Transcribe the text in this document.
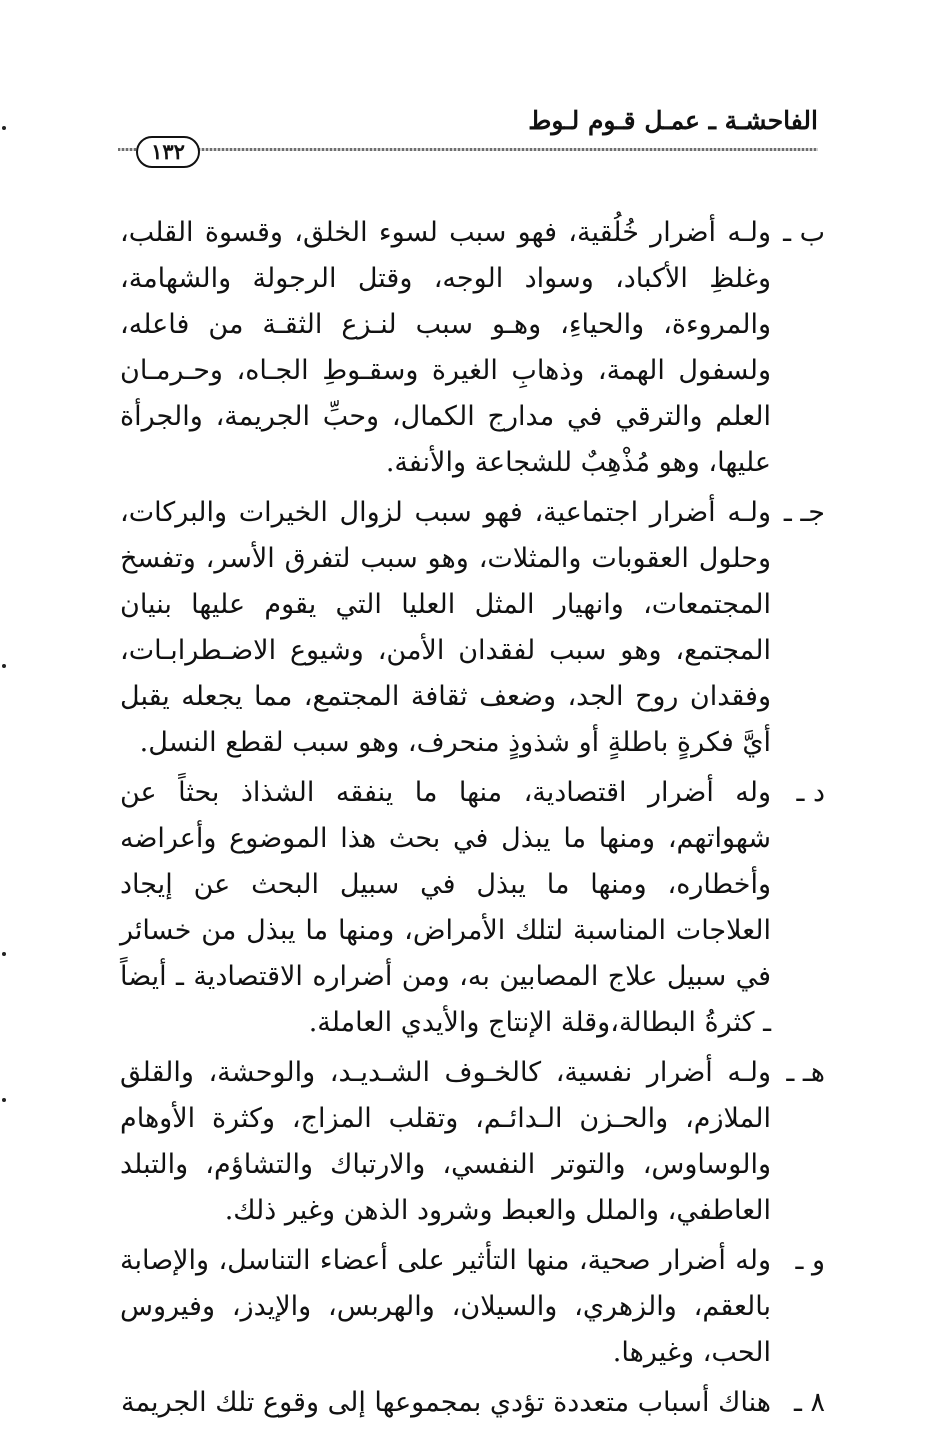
الفاحشـة ـ عمـل قـوم لـوط
١٣٢
ب ـ
ولـه أضرار خُلُقية، فهو سبب لسوء الخلق، وقسوة القلب، وغلظِ الأكباد، وسواد الوجه، وقتل الرجولة والشهامة، والمروءة، والحياءِ، وهـو سبب لنـزع الثقـة من فاعله، ولسفول الهمة، وذهابِ الغيرة وسقـوطِ الجـاه، وحـرمـان العلم والترقي في مدارج الكمال، وحبِّ الجريمة، والجرأة عليها، وهو مُذْهِبٌ للشجاعة والأنفة.
جـ ـ
ولـه أضرار اجتماعية، فهو سبب لزوال الخيرات والبركات، وحلول العقوبات والمثلات، وهو سبب لتفرق الأسر، وتفسخ المجتمعات، وانهيار المثل العليا التي يقوم عليها بنيان المجتمع، وهو سبب لفقدان الأمن، وشيوع الاضـطرابـات، وفقدان روح الجد، وضعف ثقافة المجتمع، مما يجعله يقبل أيَّ فكرةٍ باطلةٍ أو شذوذٍ منحرف، وهو سبب لقطع النسل.
د ـ
وله أضرار اقتصادية، منها ما ينفقه الشذاذ بحثاً عن شهواتهم، ومنها ما يبذل في بحث هذا الموضوع وأعراضه وأخطاره، ومنها ما يبذل في سبيل البحث عن إيجاد العلاجات المناسبة لتلك الأمراض، ومنها ما يبذل من خسائر في سبيل علاج المصابين به، ومن أضراره الاقتصادية ـ أيضاً ـ كثرةُ البطالة،وقلة الإنتاج والأيدي العاملة.
هـ ـ
ولـه أضرار نفسية، كالخـوف الشـديـد، والوحشة، والقلق الملازم، والحـزن الـدائـم، وتقلب المزاج، وكثرة الأوهام والوساوس، والتوتر النفسي، والارتباك والتشاؤم، والتبلد العاطفي، والملل والعبط وشرود الذهن وغير ذلك.
و ـ
وله أضرار صحية، منها التأثير على أعضاء التناسل، والإصابة بالعقم، والزهري، والسيلان، والهربس، والإيدز، وفيروس الحب، وغيرها.
٨ ـ
هناك أسباب متعددة تؤدي بمجموعها إلى وقوع تلك الجريمة
